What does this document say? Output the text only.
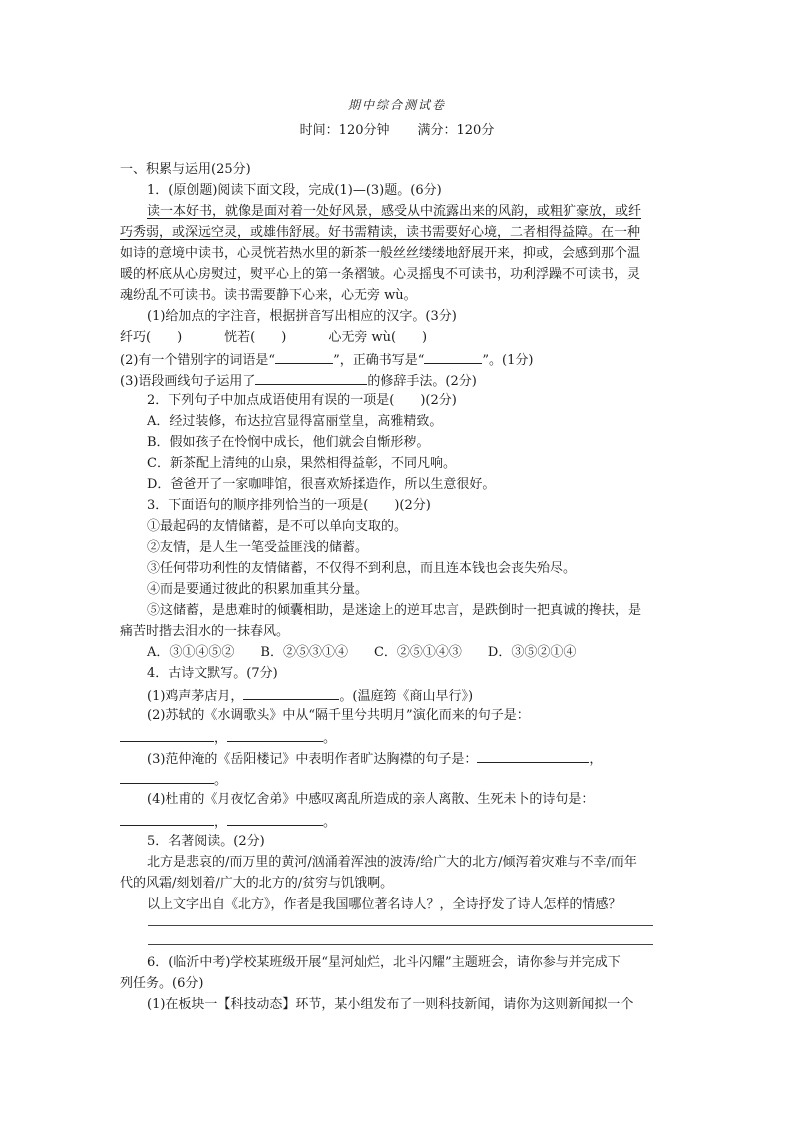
期中综合测试卷
时间：120分钟 满分：120分
一、积累与运用(25分)
1．(原创题)阅读下面文段，完成(1)—(3)题。(6分)
读一本好书，就像是面对着一处好风景，感受从中流露出来的风韵，或粗犷豪放，或纤
巧秀弱，或深远空灵，或雄伟舒展。好书需精读，读书需要好心境，二者相得益障。在一种
如诗的意境中读书，心灵恍若热水里的新茶一般丝丝缕缕地舒展开来，抑或，会感到那个温
暖的杯底从心房熨过，熨平心上的第一条褶皱。心灵摇曳不可读书，功利浮躁不可读书，灵
魂纷乱不可读书。读书需要静下心来，心无旁 wù。
(1)给加点的字注音，根据拼音写出相应的汉字。(3分)
纤巧(　　)	恍若(　　)	心无旁 wù(　　)
(2)有一个错别字的词语是“	”，正确书写是“	”。(1分)
(3)语段画线句子运用了	的修辞手法。(2分)
2．下列句子中加点成语使用有误的一项是(　　)(2分)
A．经过装修，布达拉宫显得富丽堂皇，高雅精致。
B．假如孩子在怜悯中成长，他们就会自惭形秽。
C．新茶配上清纯的山泉，果然相得益彰，不同凡响。
D．爸爸开了一家咖啡馆，很喜欢矫揉造作，所以生意很好。
3．下面语句的顺序排列恰当的一项是(　　)(2分)
①最起码的友情储蓄，是不可以单向支取的。
②友情，是人生一笔受益匪浅的储蓄。
③任何带功利性的友情储蓄，不仅得不到利息，而且连本钱也会丧失殆尽。
④而是要通过彼此的积累加重其分量。
⑤这储蓄，是患难时的倾囊相助，是迷途上的逆耳忠言，是跌倒时一把真诚的搀扶，是
痛苦时揩去泪水的一抹春风。
A．③①④⑤② B．②⑤③①④ C．②⑤①④③ D．③⑤②①④
4．古诗文默写。(7分)
(1)鸡声茅店月，	。(温庭筠《商山早行》)
(2)苏轼的《水调歌头》中从“隔千里兮共明月”演化而来的句子是：
，	。
(3)范仲淹的《岳阳楼记》中表明作者旷达胸襟的句子是：	，
。
(4)杜甫的《月夜忆舍弟》中感叹离乱所造成的亲人离散、生死未卜的诗句是：
，	。
5．名著阅读。(2分)
北方是悲哀的/而万里的黄河/汹涌着浑浊的波涛/给广大的北方/倾泻着灾难与不幸/而年
代的风霜/刻划着/广大的北方的/贫穷与饥饿啊。
以上文字出自《北方》，作者是我国哪位著名诗人？，全诗抒发了诗人怎样的情感？
6．(临沂中考)学校某班级开展“星河灿烂，北斗闪耀”主题班会，请你参与并完成下
列任务。(6分)
(1)在板块一【科技动态】环节，某小组发布了一则科技新闻，请你为这则新闻拟一个
